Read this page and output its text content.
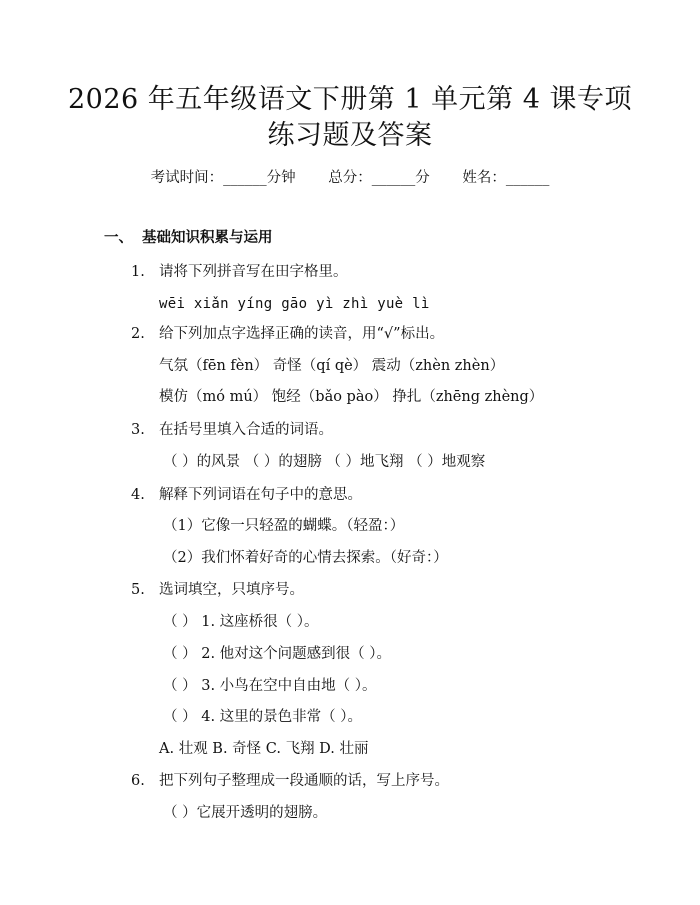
2026 年五年级语文下册第 1 单元第 4 课专项
练习题及答案
考试时间：______分钟 总分：______分 姓名：______
一、 基础知识积累与运用
1. 请将下列拼音写在田字格里。
wēi xiǎn yíng gāo yì zhì yuè lì
2. 给下列加点字选择正确的读音，用“√”标出。
气氛（fēn fèn） 奇怪（qí qè） 震动（zhèn zhèn）
模仿（mó mú） 饱经（bǎo pào） 挣扎（zhēng zhèng）
3. 在括号里填入合适的词语。
（ ）的风景 （ ）的翅膀 （ ）地飞翔 （ ）地观察
4. 解释下列词语在句子中的意思。
（1）它像一只轻盈的蝴蝶。（轻盈：）
（2）我们怀着好奇的心情去探索。（好奇：）
5. 选词填空，只填序号。
（ ） 1. 这座桥很（ ）。
（ ） 2. 他对这个问题感到很（ ）。
（ ） 3. 小鸟在空中自由地（ ）。
（ ） 4. 这里的景色非常（ ）。
A. 壮观 B. 奇怪 C. 飞翔 D. 壮丽
6. 把下列句子整理成一段通顺的话，写上序号。
（ ）它展开透明的翅膀。
